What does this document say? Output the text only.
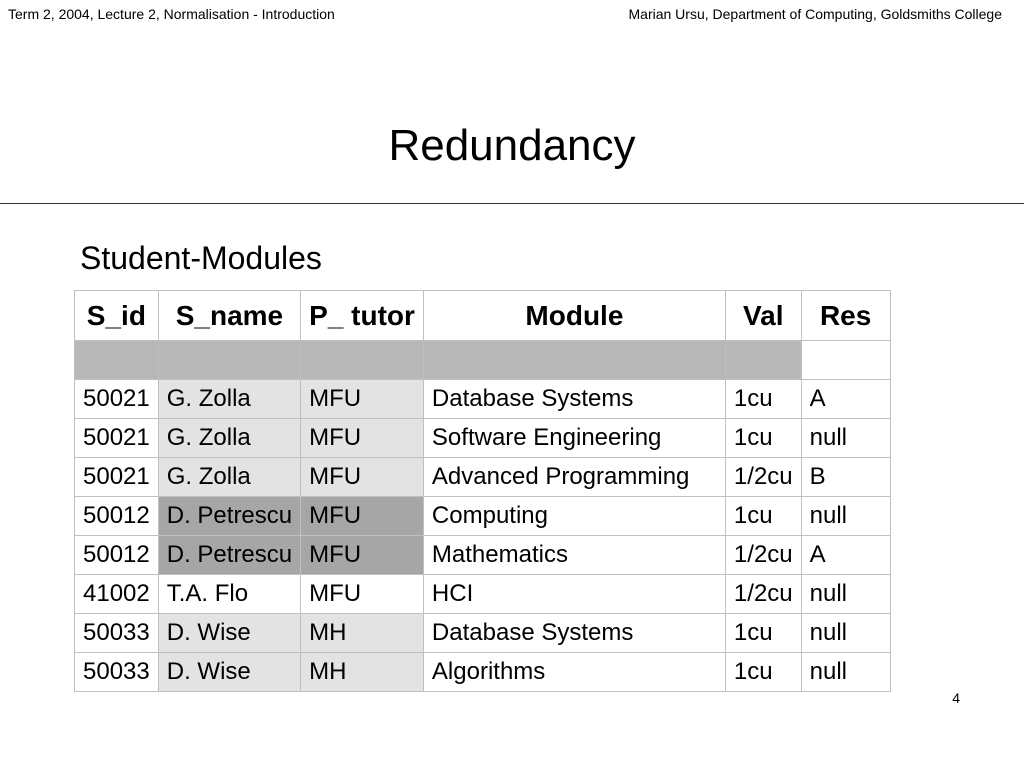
Term 2, 2004, Lecture 2, Normalisation - Introduction	Marian Ursu, Department of Computing, Goldsmiths College
Redundancy
Student-Modules
S_id	S_name	P_ tutor	Module	Val	Res

50021	G. Zolla	MFU	Database Systems	1cu	A
50021	G. Zolla	MFU	Software Engineering	1cu	null
50021	G. Zolla	MFU	Advanced Programming	1/2cu	B
50012	D. Petrescu	MFU	Computing	1cu	null
50012	D. Petrescu	MFU	Mathematics	1/2cu	A
41002	T.A. Flo	MFU	HCI	1/2cu	null
50033	D. Wise	MH	Database Systems	1cu	null
50033	D. Wise	MH	Algorithms	1cu	null
4
